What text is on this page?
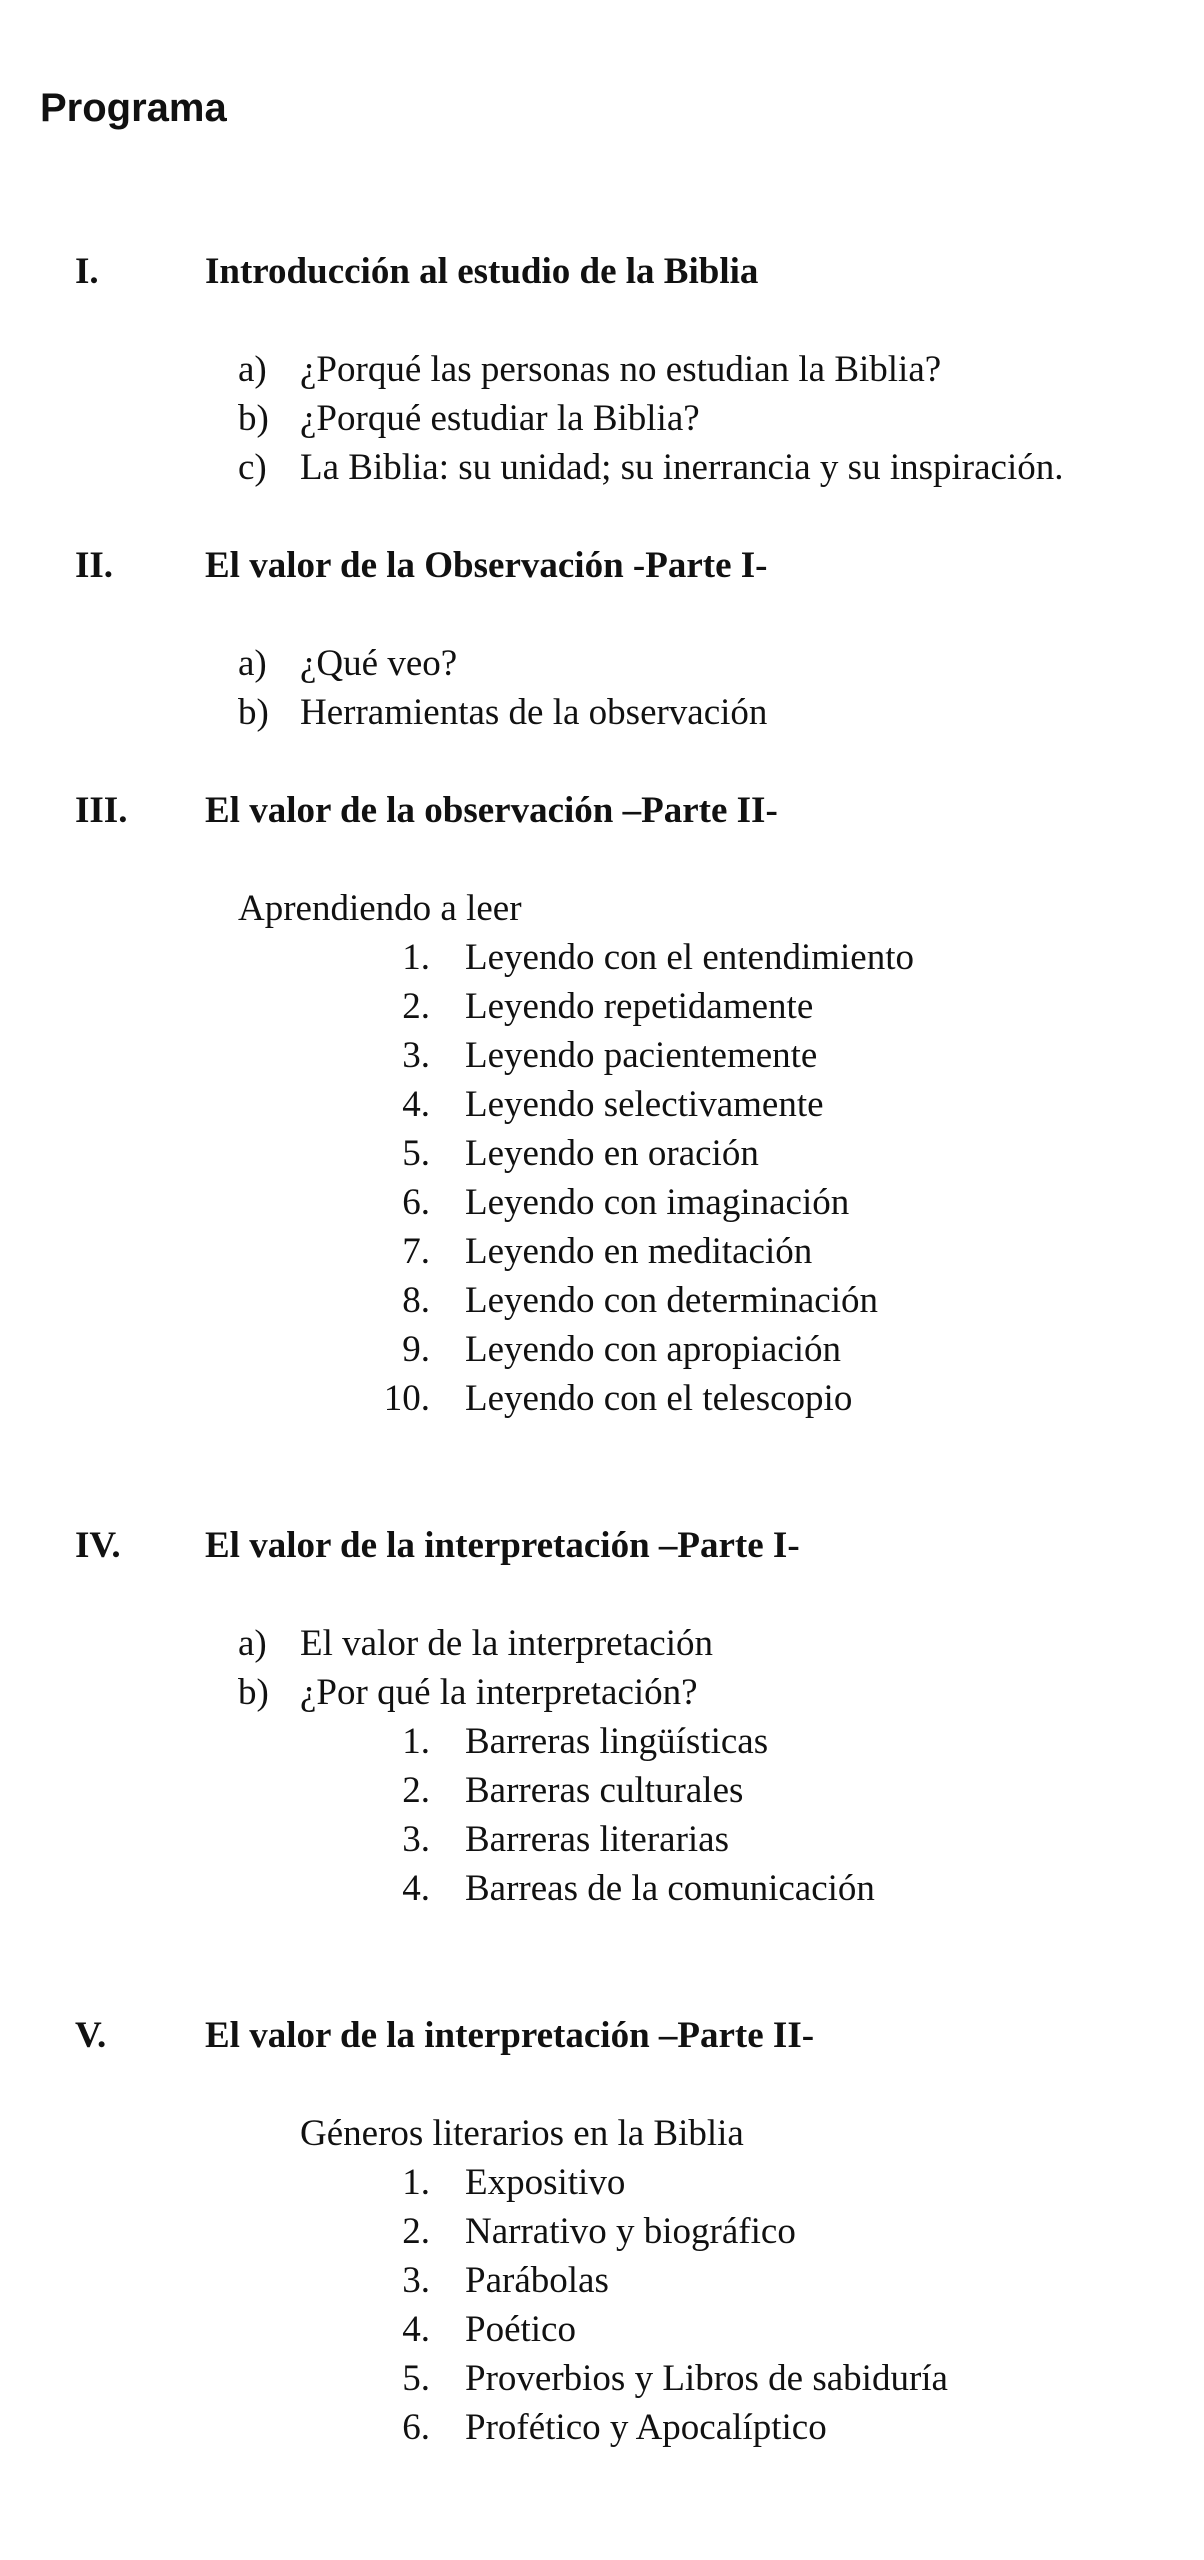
Programa
I.	Introducción al estudio de la Biblia
a) ¿Porqué las personas no estudian la Biblia?
b) ¿Porqué estudiar la Biblia?
c) La Biblia: su unidad; su inerrancia y su inspiración.
II. El valor de la Observación -Parte I-
a) ¿Qué veo?
b) Herramientas de la observación
III. El valor de la observación –Parte II-
Aprendiendo a leer
1. Leyendo con el entendimiento
2. Leyendo repetidamente
3. Leyendo pacientemente
4. Leyendo selectivamente
5. Leyendo en oración
6. Leyendo con imaginación
7. Leyendo en meditación
8. Leyendo con determinación
9. Leyendo con apropiación
10. Leyendo con el telescopio
IV. El valor de la interpretación –Parte I-
a) El valor de la interpretación
b) ¿Por qué la interpretación?
1. Barreras lingüísticas
2. Barreras culturales
3. Barreras literarias
4. Barreas de la comunicación
V.	El valor de la interpretación –Parte II-
Géneros literarios en la Biblia
1. Expositivo
2. Narrativo y biográfico
3. Parábolas
4. Poético
5. Proverbios y Libros de sabiduría
6. Profético y Apocalíptico
